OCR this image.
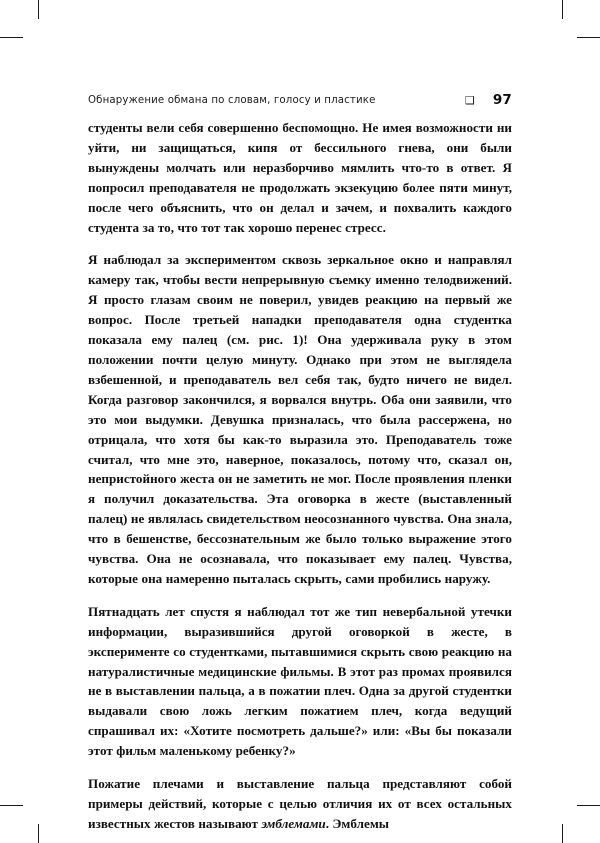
Обнаружение обмана по словам, голосу и пластике	❑ 97

студенты вели себя совершенно беспомощно. Не имея возможности ни уйти, ни защищаться, кипя от бессильного гнева, они были вынуждены молчать или неразборчиво мямлить что-то в ответ. Я попросил преподавателя не продолжать экзекуцию более пяти минут, после чего объяснить, что он делал и зачем, и похвалить каждого студента за то, что тот так хорошо перенес стресс.

Я наблюдал за экспериментом сквозь зеркальное окно и направлял камеру так, чтобы вести непрерывную съемку именно телодвижений. Я просто глазам своим не поверил, увидев реакцию на первый же вопрос. После третьей нападки преподавателя одна студентка показала ему палец (см. рис. 1)! Она удерживала руку в этом положении почти целую минуту. Однако при этом не выглядела взбешенной, и преподаватель вел себя так, будто ничего не видел. Когда разговор закончился, я ворвался внутрь. Оба они заявили, что это мои выдумки. Девушка призналась, что была рассержена, но отрицала, что хотя бы как-то выразила это. Преподаватель тоже считал, что мне это, наверное, показалось, потому что, сказал он, непристойного жеста он не заметить не мог. После проявления пленки я получил доказательства. Эта оговорка в жесте (выставленный палец) не являлась свидетельством неосознанного чувства. Она знала, что в бешенстве, бессознательным же было только выражение этого чувства. Она не осознавала, что показывает ему палец. Чувства, которые она намеренно пыталась скрыть, сами пробились наружу.

Пятнадцать лет спустя я наблюдал тот же тип невербальной утечки информации, выразившийся другой оговоркой в жесте, в эксперименте со студентками, пытавшимися скрыть свою реакцию на натуралистичные медицинские фильмы. В этот раз промах проявился не в выставлении пальца, а в пожатии плеч. Одна за другой студентки выдавали свою ложь легким пожатием плеч, когда ведущий спрашивал их: «Хотите посмотреть дальше?» или: «Вы бы показали этот фильм маленькому ребенку?»

Пожатие плечами и выставление пальца представляют собой примеры действий, которые с целью отличия их от всех остальных известных жестов называют эмблемами. Эмблемы
